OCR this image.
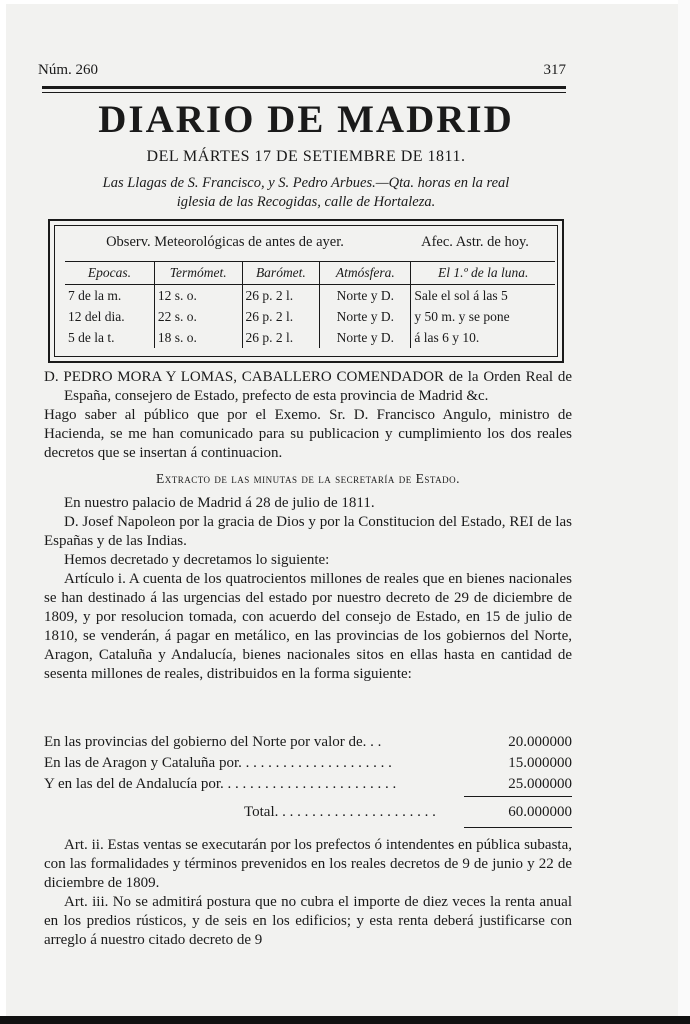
Núm. 260	317
DIARIO DE MADRID
DEL MÁRTES 17 DE SETIEMBRE DE 1811.
Las Llagas de S. Francisco, y S. Pedro Arbues.—Qta. horas en la real
iglesia de las Recogidas, calle de Hortaleza.
Observ. Meteorológicas de antes de ayer.	Afec. Astr. de hoy.
Epocas.	Termómet.	Barómet.	Atmósfera.	El 1.º de la luna.
7 de la m.	12 s. o.	26 p. 2 l.	Norte y D.	Sale el sol á las 5
12 del dia.	22 s. o.	26 p. 2 l.	Norte y D.	y 50 m. y se pone
5 de la t.	18 s. o.	26 p. 2 l.	Norte y D.	á las 6 y 10.

D. PEDRO MORA Y LOMAS, CABALLERO COMENDADOR de la Orden Real de España, consejero de Estado, prefecto de esta provincia de Madrid &c.

Hago saber al público que por el Exemo. Sr. D. Francisco Angulo, ministro de Hacienda, se me han comunicado para su publicacion y cumplimiento los dos reales decretos que se insertan á continuacion.

Extracto de las minutas de la secretaría de Estado.

En nuestro palacio de Madrid á 28 de julio de 1811.

D. Josef Napoleon por la gracia de Dios y por la Constitucion del Estado, REI de las Españas y de las Indias.

Hemos decretado y decretamos lo siguiente:

Artículo i. A cuenta de los quatrocientos millones de reales que en bienes nacionales se han destinado á las urgencias del estado por nuestro decreto de 29 de diciembre de 1809, y por resolucion tomada, con acuerdo del consejo de Estado, en 15 de julio de 1810, se venderán, á pagar en metálico, en las provincias de los gobiernos del Norte, Aragon, Cataluña y Andalucía, bienes nacionales sitos en ellas hasta en cantidad de sesenta millones de reales, distribuidos en la forma siguiente:

En las provincias del gobierno del Norte por valor de. . .	20.000000
En las de Aragon y Cataluña por. . . . . . . . . . . . . . . . . . . . .	15.000000
Y en las del de Andalucía por. . . . . . . . . . . . . . . . . . . . . . . .	25.000000
Total. . . . . . . . . . . . . . . . . . . . . .	60.000000

Art. ii. Estas ventas se executarán por los prefectos ó intendentes en pública subasta, con las formalidades y términos prevenidos en los reales decretos de 9 de junio y 22 de diciembre de 1809.

Art. iii. No se admitirá postura que no cubra el importe de diez veces la renta anual en los predios rústicos, y de seis en los edificios; y esta renta deberá justificarse con arreglo á nuestro citado decreto de 9
